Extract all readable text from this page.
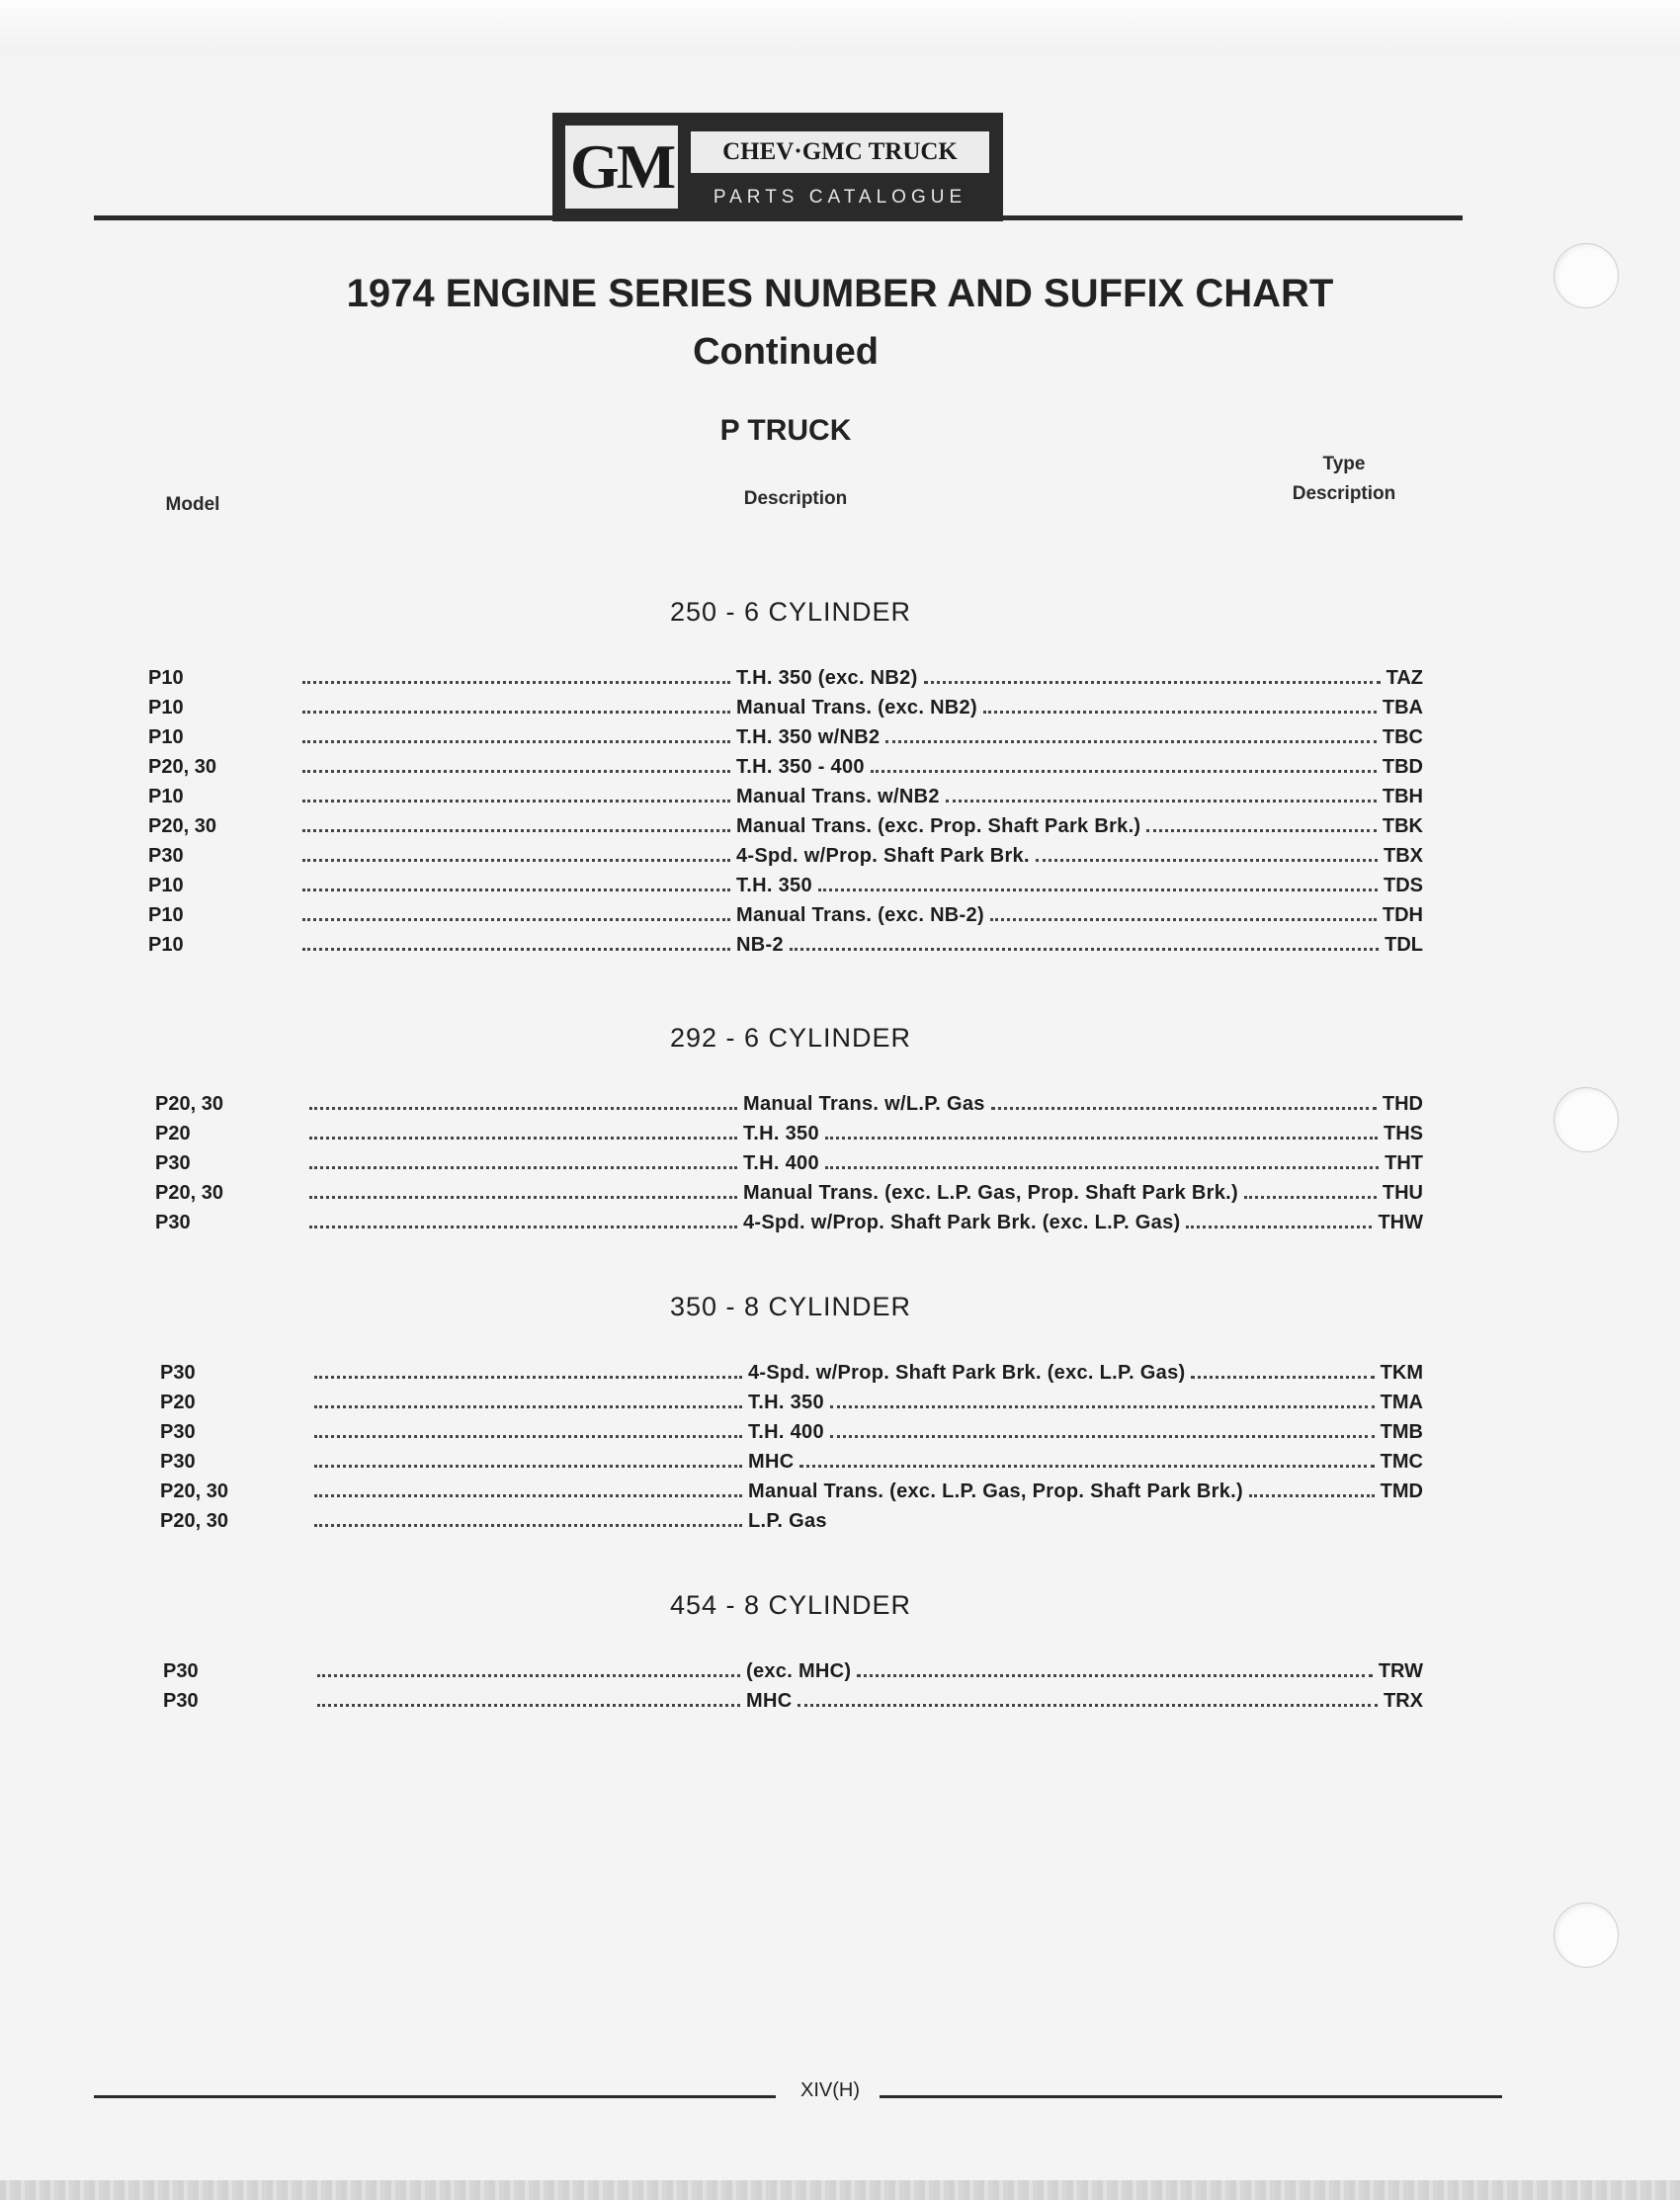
GM	CHEV·GMC TRUCK
PARTS CATALOGUE
1974 ENGINE SERIES NUMBER AND SUFFIX CHART
Continued
P TRUCK
Model	Description
Type
Description
250 - 6 CYLINDER
P10	T.H. 350 (exc. NB2)	TAZ
P10	Manual Trans. (exc. NB2)	TBA
P10	T.H. 350 w/NB2	TBC
P20, 30	T.H. 350 - 400	TBD
P10	Manual Trans. w/NB2	TBH
P20, 30	Manual Trans. (exc. Prop. Shaft Park Brk.)	TBK
P30	4-Spd. w/Prop. Shaft Park Brk.	TBX
P10	T.H. 350	TDS
P10	Manual Trans. (exc. NB-2)	TDH
P10	NB-2	TDL
292 - 6 CYLINDER
P20, 30	Manual Trans. w/L.P. Gas	THD
P20	T.H. 350	THS
P30	T.H. 400	THT
P20, 30	Manual Trans. (exc. L.P. Gas, Prop. Shaft Park Brk.)	THU
P30	4-Spd. w/Prop. Shaft Park Brk. (exc. L.P. Gas)	THW
350 - 8 CYLINDER
P30	4-Spd. w/Prop. Shaft Park Brk. (exc. L.P. Gas)	TKM
P20	T.H. 350	TMA
P30	T.H. 400	TMB
P30	MHC	TMC
P20, 30	Manual Trans. (exc. L.P. Gas, Prop. Shaft Park Brk.)	TMD
P20, 30	L.P. Gas
454 - 8 CYLINDER
P30	(exc. MHC)	TRW
P30	MHC	TRX
XIV(H)
